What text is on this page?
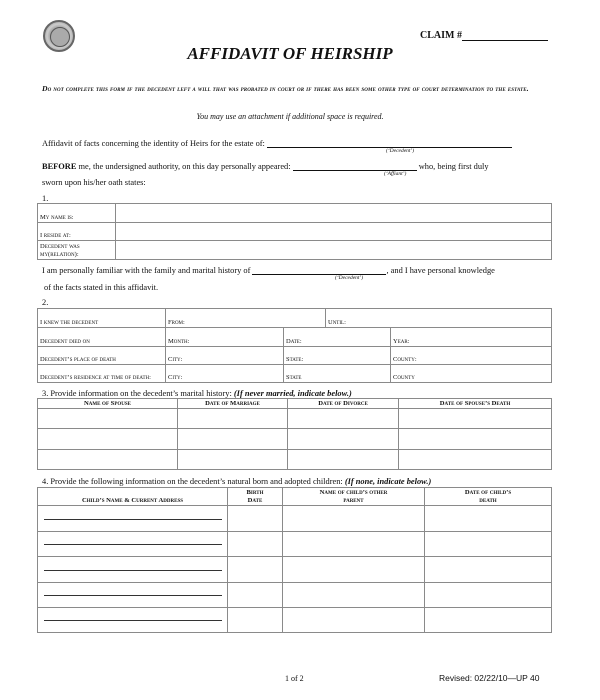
CLAIM #
AFFIDAVIT OF HEIRSHIP
Do not complete this form if the decedent left a will that was probated in court or if there has been some other type of court determination to the estate.
You may use an attachment if additional space is required.
Affidavit of facts concerning the identity of Heirs for the estate of:
(‘Decedent’)
BEFORE me, the undersigned authority, on this day personally appeared:	who, being first duly
(‘Affiant’)
sworn upon his/her oath states:
1.
My name is:	
I reside at:	
Decedent was my(relation):	
I am personally familiar with the family and marital history of	, and I have personal knowledge
(‘Decedent’)
of the facts stated in this affidavit.
2.
I knew the decedent	From:		Until:	
Decedent died on	Month:	Date:		Year:
Decedent’s place of death	City:	State:		County:
Decedent’s residence at time of death:	City:	State		County
3. Provide information on the decedent’s marital history: (If never married, indicate below.)
Name of Spouse	Date of Marriage	Date of Divorce	Date of Spouse’s Death

4. Provide the following information on the decedent’s natural born and adopted children: (If none, indicate below.)
Child’s Name & Current Address	Birth Date	Name of child’s other parent	Date of child’s death

1 of 2	Revised: 02/22/10—UP 40
